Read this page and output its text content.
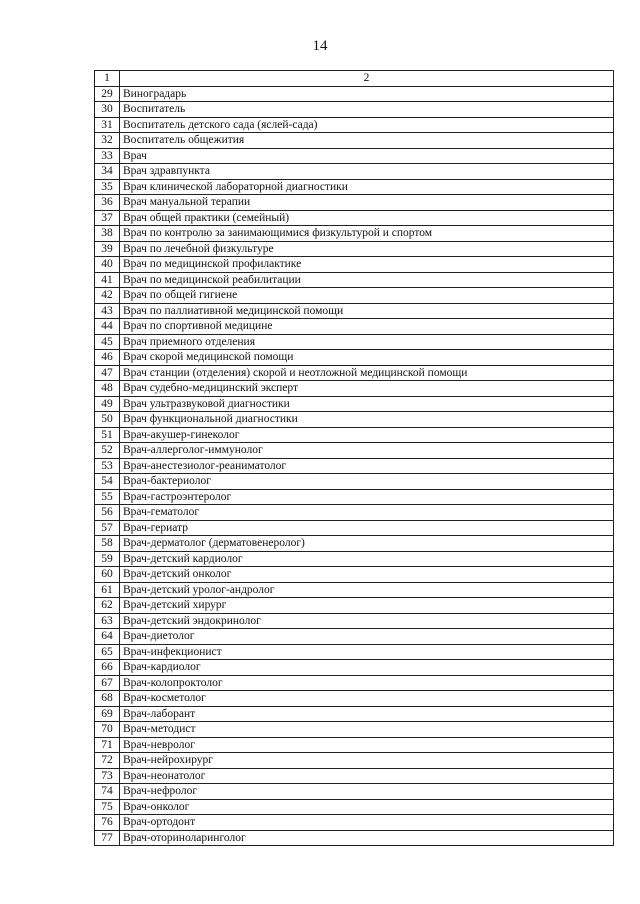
14
1	2
29	Виноградарь
30	Воспитатель
31	Воспитатель детского сада (яслей-сада)
32	Воспитатель общежития
33	Врач
34	Врач здравпункта
35	Врач клинической лабораторной диагностики
36	Врач мануальной терапии
37	Врач общей практики (семейный)
38	Врач по контролю за занимающимися физкультурой и спортом
39	Врач по лечебной физкультуре
40	Врач по медицинской профилактике
41	Врач по медицинской реабилитации
42	Врач по общей гигиене
43	Врач по паллиативной медицинской помощи
44	Врач по спортивной медицине
45	Врач приемного отделения
46	Врач скорой медицинской помощи
47	Врач станции (отделения) скорой и неотложной медицинской помощи
48	Врач судебно-медицинский эксперт
49	Врач ультразвуковой диагностики
50	Врач функциональной диагностики
51	Врач-акушер-гинеколог
52	Врач-аллерголог-иммунолог
53	Врач-анестезиолог-реаниматолог
54	Врач-бактериолог
55	Врач-гастроэнтеролог
56	Врач-гематолог
57	Врач-гериатр
58	Врач-дерматолог (дерматовенеролог)
59	Врач-детский кардиолог
60	Врач-детский онколог
61	Врач-детский уролог-андролог
62	Врач-детский хирург
63	Врач-детский эндокринолог
64	Врач-диетолог
65	Врач-инфекционист
66	Врач-кардиолог
67	Врач-колопроктолог
68	Врач-косметолог
69	Врач-лаборант
70	Врач-методист
71	Врач-невролог
72	Врач-нейрохирург
73	Врач-неонатолог
74	Врач-нефролог
75	Врач-онколог
76	Врач-ортодонт
77	Врач-оториноларинголог
